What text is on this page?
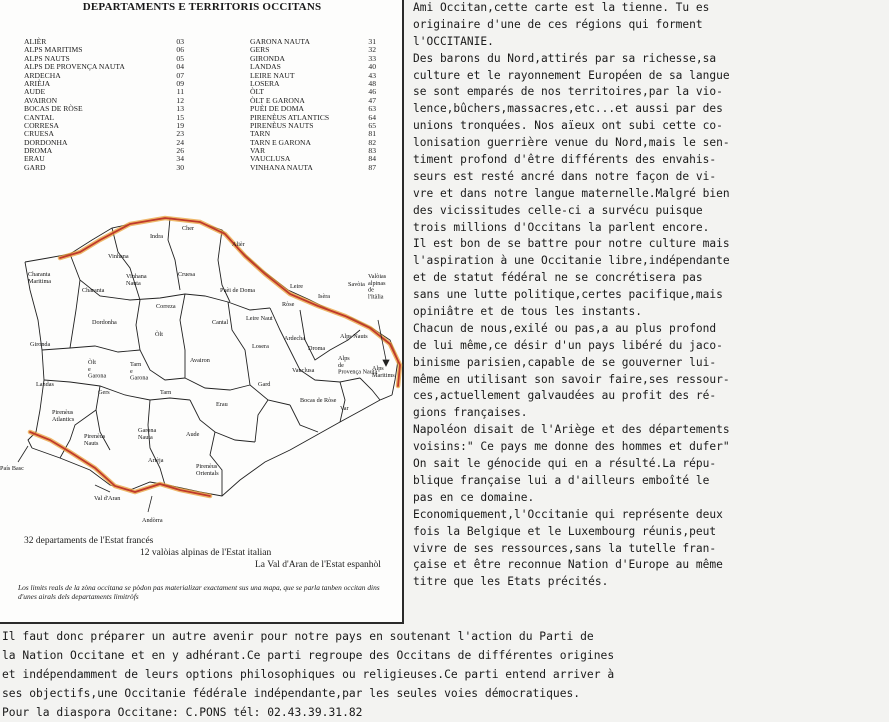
DEPARTAMENTS E TERRITORIS OCCITANS
ALIÈR	03
ALPS MARITIMS	06
ALPS NAUTS	05
ALPS DE PROVENÇA NAUTA	04
ARDECHA	07
ARIÈJA	09
AUDE	11
AVAIRON	12
BOCAS DE RÒSE	13
CANTAL	15
CORRESA	19
CRUESA	23
DORDONHA	24
DROMA	26
ERAU	34
GARD	30
GARONA NAUTA	31
GERS	32
GIRONDA	33
LANDAS	40
LEIRE NAUT	43
LOSERA	48
ÒLT	46
ÒLT E GARONA	47
PUÈI DE DOMA	63
PIRENÈUS ATLANTICS	64
PIRENÈUS NAUTS	65
TARN	81
TARN E GARONA	82
VAR	83
VAUCLUSA	84
VINHANA NAUTA	87
Indra
Cher
Alièr
Vinhana
Charanta Maritima
Charanta
Vinhana Nauta
Cruesa
Puèi de Doma
Leire
Isèra
Savòia
Valòias alpinas de l'Itàlia
Correza
Cantal
Leire Naut
Ròse
Dordonha
Òlt
Ardecha	Alps Nauts
Droma
Gironda
Òlt e Garona
Tarn e Garona
Avairon
Losera
Alps de Provença Nauta
Alps Maritims
Landas
Gers	Tarn
Gard
Vauclusa
Bocas de Ròse
Pirenèus Atlantics
Pirenèus Nauts
Garona Nauta
Erau
Aude
Var
Arièja
Pirenèus Orientals
País Basc
Val d'Aran
Andòrra
32 departaments de l'Estat francés
12 valòias alpinas de l'Estat italian
La Val d'Aran de l'Estat espanhòl
Los limits reals de la zòna occitana se pòdon pas materializar exactament sus una mapa, que se parla tanben occitan dins d'unes airals dels departaments limitròfs
Ami Occitan,cette carte est la tienne. Tu es
originaire d'une de ces régions qui forment
l'OCCITANIE.
Des barons du Nord,attirés par sa richesse,sa
culture et le rayonnement Européen de sa langue
se sont emparés de nos territoires,par la vio-
lence,bûchers,massacres,etc...et aussi par des
unions tronquées. Nos aïeux ont subi cette co-
lonisation guerrière venue du Nord,mais le sen-
timent profond d'être différents des envahis-
seurs est resté ancré dans notre façon de vi-
vre et dans notre langue maternelle.Malgré bien
des vicissitudes celle-ci a survécu puisque
trois millions d'Occitans la parlent encore.
Il est bon de se battre pour notre culture mais
l'aspiration à une Occitanie libre,indépendante
et de statut fédéral ne se concrétisera pas
sans une lutte politique,certes pacifique,mais
opiniâtre et de tous les instants.
Chacun de nous,exilé ou pas,a au plus profond
de lui même,ce désir d'un pays libéré du jaco-
binisme parisien,capable de se gouverner lui-
même en utilisant son savoir faire,ses ressour-
ces,actuellement galvaudées au profit des ré-
gions françaises.
Napoléon disait de l'Ariège et des départements
voisins:" Ce pays me donne des hommes et dufer"
On sait le génocide qui en a résulté.La répu-
blique française lui a d'ailleurs emboîté le
pas en ce domaine.
Economiquement,l'Occitanie qui représente deux
fois la Belgique et le Luxembourg réunis,peut
vivre de ses ressources,sans la tutelle fran-
çaise et être reconnue Nation d'Europe au même
titre que les Etats précités.
Il faut donc préparer un autre avenir pour notre pays en soutenant l'action du Parti de
la Nation Occitane et en y adhérant.Ce parti regroupe des Occitans de différentes origines
et indépendamment de leurs options philosophiques ou religieuses.Ce parti entend arriver à
ses objectifs,une Occitanie fédérale indépendante,par les seules voies démocratiques.
Pour la diaspora Occitane: C.PONS tél: 02.43.39.31.82
